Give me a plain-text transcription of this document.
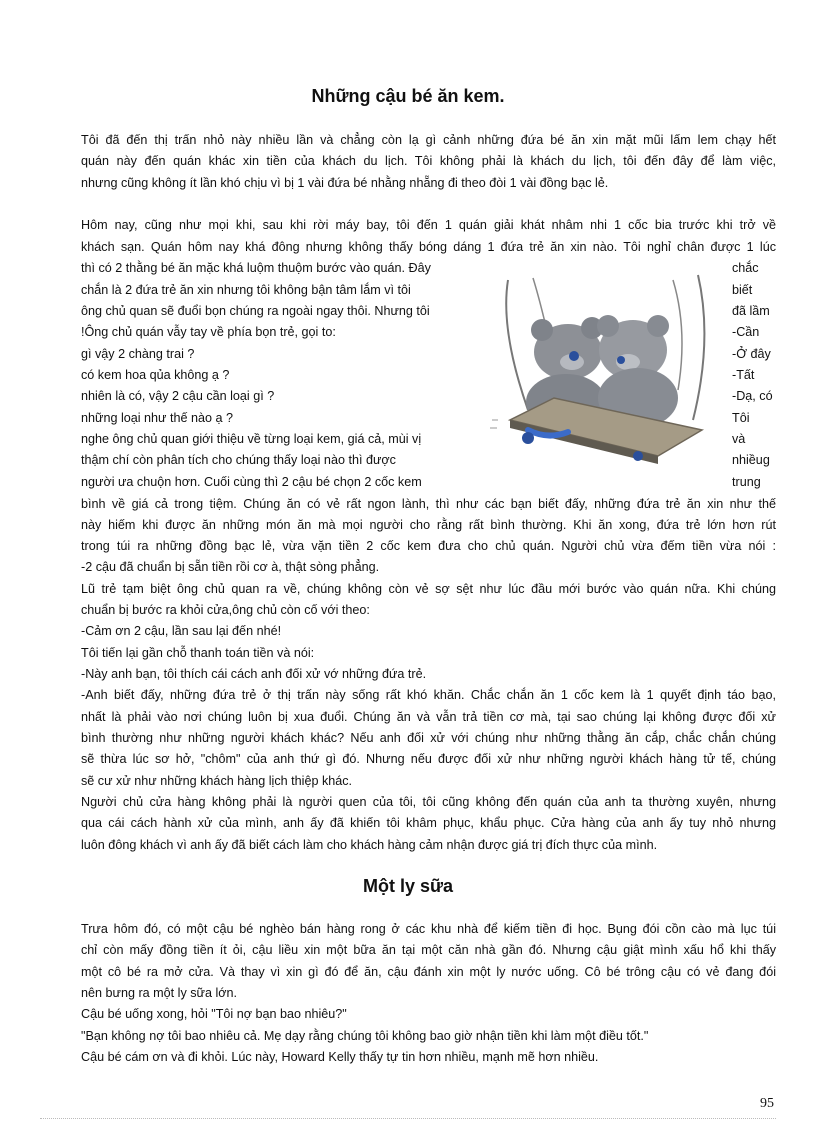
Những cậu bé ăn kem.
Tôi đã đến thị trấn nhỏ này nhiều lần và chẳng còn lạ gì cảnh những đứa bé ăn xin mặt mũi lấm lem chạy hết
quán này đến quán khác xin tiền của khách du lịch. Tôi không phải là khách du lịch, tôi đến đây để làm việc,
nhưng cũng không ít lần khó chịu vì bị 1 vài đứa bé nhằng nhẵng đi theo đòi 1 vài đồng bạc lẻ.
Hôm nay, cũng như mọi khi, sau khi rời máy bay, tôi đến 1 quán giải khát nhâm nhi 1 cốc bia trước khi trở về
khách sạn. Quán hôm nay khá đông nhưng không thấy bóng dáng 1 đứa trẻ ăn xin nào. Tôi nghỉ chân được 1 lúc
thì có 2 thằng bé ăn mặc khá luộm thuộm bước vào quán. Đây
chắn là 2 đứa trẻ ăn xin nhưng tôi không bận tâm lắm vì tôi
ông chủ quan sẽ đuổi bọn chúng ra ngoài ngay thôi. Nhưng tôi
!Ông chủ quán vẫy tay về phía bọn trẻ, gọi to:
gì vậy 2 chàng trai ?
có kem hoa qủa không ạ ?
nhiên là có, vậy 2 cậu cần loại gì ?
những loại như thế nào ạ ?
nghe ông chủ quan giới thiệu về từng loại kem, giá cả, mùi vị
thậm chí còn phân tích cho chúng thấy loại nào thì được
người ưa chuộn hơn. Cuối cùng thì 2 cậu bé chọn 2 cốc kem
chắc
biết
đã lầm
-Cần
-Ở đây
-Tất
-Dạ, có
Tôi
và
nhiềug
trung
bình về giá cả trong tiệm. Chúng ăn có vẻ rất ngon lành, thì như các bạn biết đấy, những đứa trẻ ăn xin như thế
này hiếm khi được ăn những món ăn mà mọi người cho rằng rất bình thường. Khi ăn xong, đứa trẻ lớn hơn rút
trong túi ra những đồng bạc lẻ, vừa vặn tiền 2 cốc kem đưa cho chủ quán. Người chủ vừa đếm tiền vừa nói :
-2 cậu đã chuẩn bị sẵn tiền rồi cơ à, thật sòng phẳng.
Lũ trẻ tạm biệt ông chủ quan ra về, chúng không còn vẻ sợ sệt như lúc đầu mới bước vào quán nữa. Khi chúng
chuẩn bị bước ra khỏi cửa,ông chủ còn cố với theo:
-Cảm ơn 2 cậu, lần sau lại đến nhé!
Tôi tiến lại gần chỗ thanh toán tiền và nói:
-Này anh bạn, tôi thích cái cách anh đối xử vớ những đứa trẻ.
-Anh biết đấy, những đứa trẻ ở thị trấn này sống rất khó khăn. Chắc chắn ăn 1 cốc kem là 1 quyết định táo bạo,
nhất là phải vào nơi chúng luôn bị xua đuổi. Chúng ăn và vẫn trả tiền cơ mà, tại sao chúng lại không được đối xử
bình thường như những người khách khác? Nếu anh đối xử với chúng như những thằng ăn cắp, chắc chắn chúng
sẽ thừa lúc sơ hở, "chôm" của anh thứ gì đó. Nhưng nếu được đối xử như những người khách hàng tử tế, chúng
sẽ cư xử như những khách hàng lịch thiệp khác.
Người chủ cửa hàng không phải là người quen của tôi, tôi cũng không đến quán của anh ta thường xuyên, nhưng
qua cái cách hành xử của mình, anh ấy đã khiến tôi khâm phục, khẩu phục. Cửa hàng của anh ấy tuy nhỏ nhưng
luôn đông khách vì anh ấy đã biết cách làm cho khách hàng cảm nhận được giá trị đích thực của mình.
Một ly sữa
Trưa hôm đó, có một cậu bé nghèo bán hàng rong ở các khu nhà để kiếm tiền đi học. Bụng đói cồn cào mà lục túi
chỉ còn mấy đồng tiền ít ỏi, cậu liều xin một bữa ăn tại một căn nhà gần đó. Nhưng cậu giật mình xấu hổ khi thấy
một cô bé ra mở cửa. Và thay vì xin gì đó để ăn, cậu đánh xin một ly nước uống. Cô bé trông cậu có vẻ đang đói
nên bưng ra một ly sữa lớn.
Cậu bé uống xong, hỏi "Tôi nợ bạn bao nhiêu?"
"Bạn không nợ tôi bao nhiêu cả. Mẹ dạy rằng chúng tôi không bao giờ nhận tiền khi làm một điều tốt."
Cậu bé cám ơn và đi khỏi. Lúc này, Howard Kelly thấy tự tin hơn nhiều, mạnh mẽ hơn nhiều.
95
